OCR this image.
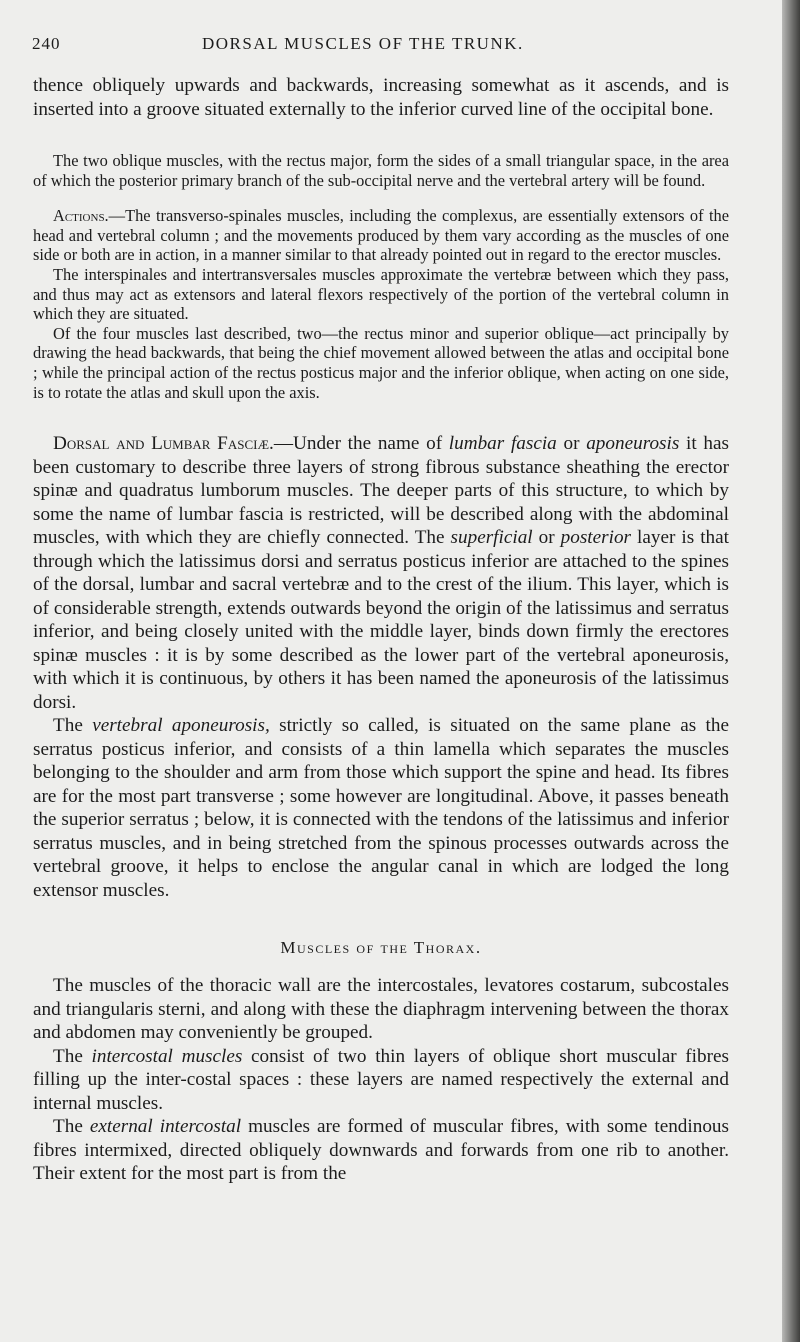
240	DORSAL MUSCLES OF THE TRUNK.

thence obliquely upwards and backwards, increasing somewhat as it ascends, and is inserted into a groove situated externally to the inferior curved line of the occipital bone.

The two oblique muscles, with the rectus major, form the sides of a small triangular space, in the area of which the posterior primary branch of the sub-occipital nerve and the vertebral artery will be found.

Actions.—The transverso-spinales muscles, including the complexus, are essentially extensors of the head and vertebral column ; and the movements produced by them vary according as the muscles of one side or both are in action, in a manner similar to that already pointed out in regard to the erector muscles.

The interspinales and intertransversales muscles approximate the vertebræ between which they pass, and thus may act as extensors and lateral flexors respectively of the portion of the vertebral column in which they are situated.

Of the four muscles last described, two—the rectus minor and superior oblique—act principally by drawing the head backwards, that being the chief movement allowed between the atlas and occipital bone ; while the principal action of the rectus posticus major and the inferior oblique, when acting on one side, is to rotate the atlas and skull upon the axis.

Dorsal and Lumbar Fasciæ.—Under the name of lumbar fascia or aponeurosis it has been customary to describe three layers of strong fibrous substance sheathing the erector spinæ and quadratus lumborum muscles. The deeper parts of this structure, to which by some the name of lumbar fascia is restricted, will be described along with the abdominal muscles, with which they are chiefly connected. The superficial or posterior layer is that through which the latissimus dorsi and serratus posticus inferior are attached to the spines of the dorsal, lumbar and sacral vertebræ and to the crest of the ilium. This layer, which is of considerable strength, extends outwards beyond the origin of the latissimus and serratus inferior, and being closely united with the middle layer, binds down firmly the erectores spinæ muscles : it is by some described as the lower part of the vertebral aponeurosis, with which it is continuous, by others it has been named the aponeurosis of the latissimus dorsi.

The vertebral aponeurosis, strictly so called, is situated on the same plane as the serratus posticus inferior, and consists of a thin lamella which separates the muscles belonging to the shoulder and arm from those which support the spine and head. Its fibres are for the most part transverse ; some however are longitudinal. Above, it passes beneath the superior serratus ; below, it is connected with the tendons of the latissimus and inferior serratus muscles, and in being stretched from the spinous processes outwards across the vertebral groove, it helps to enclose the angular canal in which are lodged the long extensor muscles.

Muscles of the Thorax.

The muscles of the thoracic wall are the intercostales, levatores costarum, subcostales and triangularis sterni, and along with these the diaphragm intervening between the thorax and abdomen may conveniently be grouped.

The intercostal muscles consist of two thin layers of oblique short muscular fibres filling up the inter-costal spaces : these layers are named respectively the external and internal muscles.

The external intercostal muscles are formed of muscular fibres, with some tendinous fibres intermixed, directed obliquely downwards and forwards from one rib to another. Their extent for the most part is from the
